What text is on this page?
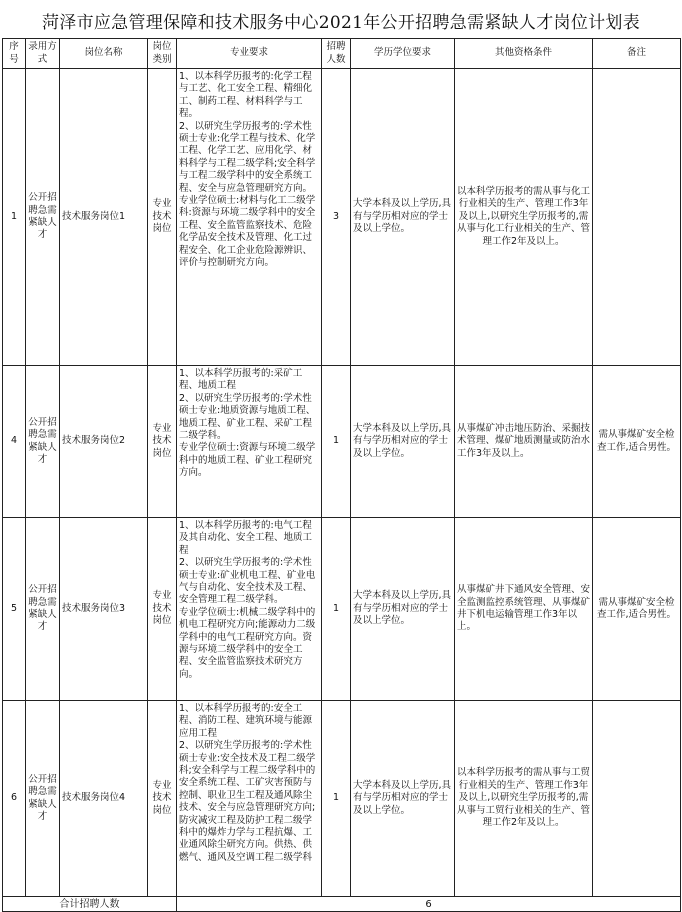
菏泽市应急管理保障和技术服务中心2021年公开招聘急需紧缺人才岗位计划表
序号	录用方式	岗位名称	岗位类别	专业要求	招聘人数	学历学位要求	其他资格条件	备注
1	公开招聘急需紧缺人才	技术服务岗位1	专业技术岗位	1、以本科学历报考的:化学工程与工艺、化工安全工程、精细化工、制药工程、材料科学与工程。
2、以研究生学历报考的:学术性硕士专业:化学工程与技术、化学工程、化学工艺、应用化学、材料科学与工程二级学科;安全科学与工程二级学科中的安全系统工程、安全与应急管理研究方向。
专业学位硕士:材料与化工二级学科:资源与环境二级学科中的安全工程、安全监管监察技术、危险化学品安全技术及管理、化工过程安全、化工企业危险源辨识、评价与控制研究方向。	3	大学本科及以上学历,具有与学历相对应的学士及以上学位。	以本科学历报考的需从事与化工行业相关的生产、管理工作3年及以上,以研究生学历报考的,需从事与化工行业相关的生产、管理工作2年及以上。	
4	公开招聘急需紧缺人才	技术服务岗位2	专业技术岗位	1、以本科学历报考的:采矿工程、地质工程
2、以研究生学历报考的:学术性硕士专业:地质资源与地质工程、地质工程、矿业工程、采矿工程二级学科。
专业学位硕士:资源与环境二级学科中的地质工程、矿业工程研究方向。	1	大学本科及以上学历,具有与学历相对应的学士及以上学位。	从事煤矿冲击地压防治、采掘技术管理、煤矿地质测量或防治水工作3年及以上。	需从事煤矿安全检查工作,适合男性。
5	公开招聘急需紧缺人才	技术服务岗位3	专业技术岗位	1、以本科学历报考的:电气工程及其自动化、安全工程、地质工程
2、以研究生学历报考的:学术性硕士专业:矿业机电工程、矿业电气与自动化、安全技术及工程、安全管理工程二级学科。
专业学位硕士:机械二级学科中的机电工程研究方向;能源动力二级学科中的电气工程研究方向。资源与环境二级学科中的安全工程、安全监管监察技术研究方向。	1	大学本科及以上学历,具有与学历相对应的学士及以上学位。	从事煤矿井下通风安全管理、安全监测监控系统管理、从事煤矿井下机电运输管理工作3年以上。	需从事煤矿安全检查工作,适合男性。
6	公开招聘急需紧缺人才	技术服务岗位4	专业技术岗位	1、以本科学历报考的:安全工程、消防工程、建筑环境与能源应用工程
2、以研究生学历报考的:学术性硕士专业:安全技术及工程二级学科;安全科学与工程二级学科中的安全系统工程、工矿灾害预防与控制、职业卫生工程及通风除尘技术、安全与应急管理研究方向;防灾减灾工程及防护工程二级学科中的爆炸力学与工程抗爆、工业通风除尘研究方向。供热、供燃气、通风及空调工程二级学科	1	大学本科及以上学历,具有与学历相对应的学士及以上学位。	以本科学历报考的需从事与工贸行业相关的生产、管理工作3年及以上,以研究生学历报考的,需从事与工贸行业相关的生产、管理工作2年及以上。	
合计招聘人数				6				
